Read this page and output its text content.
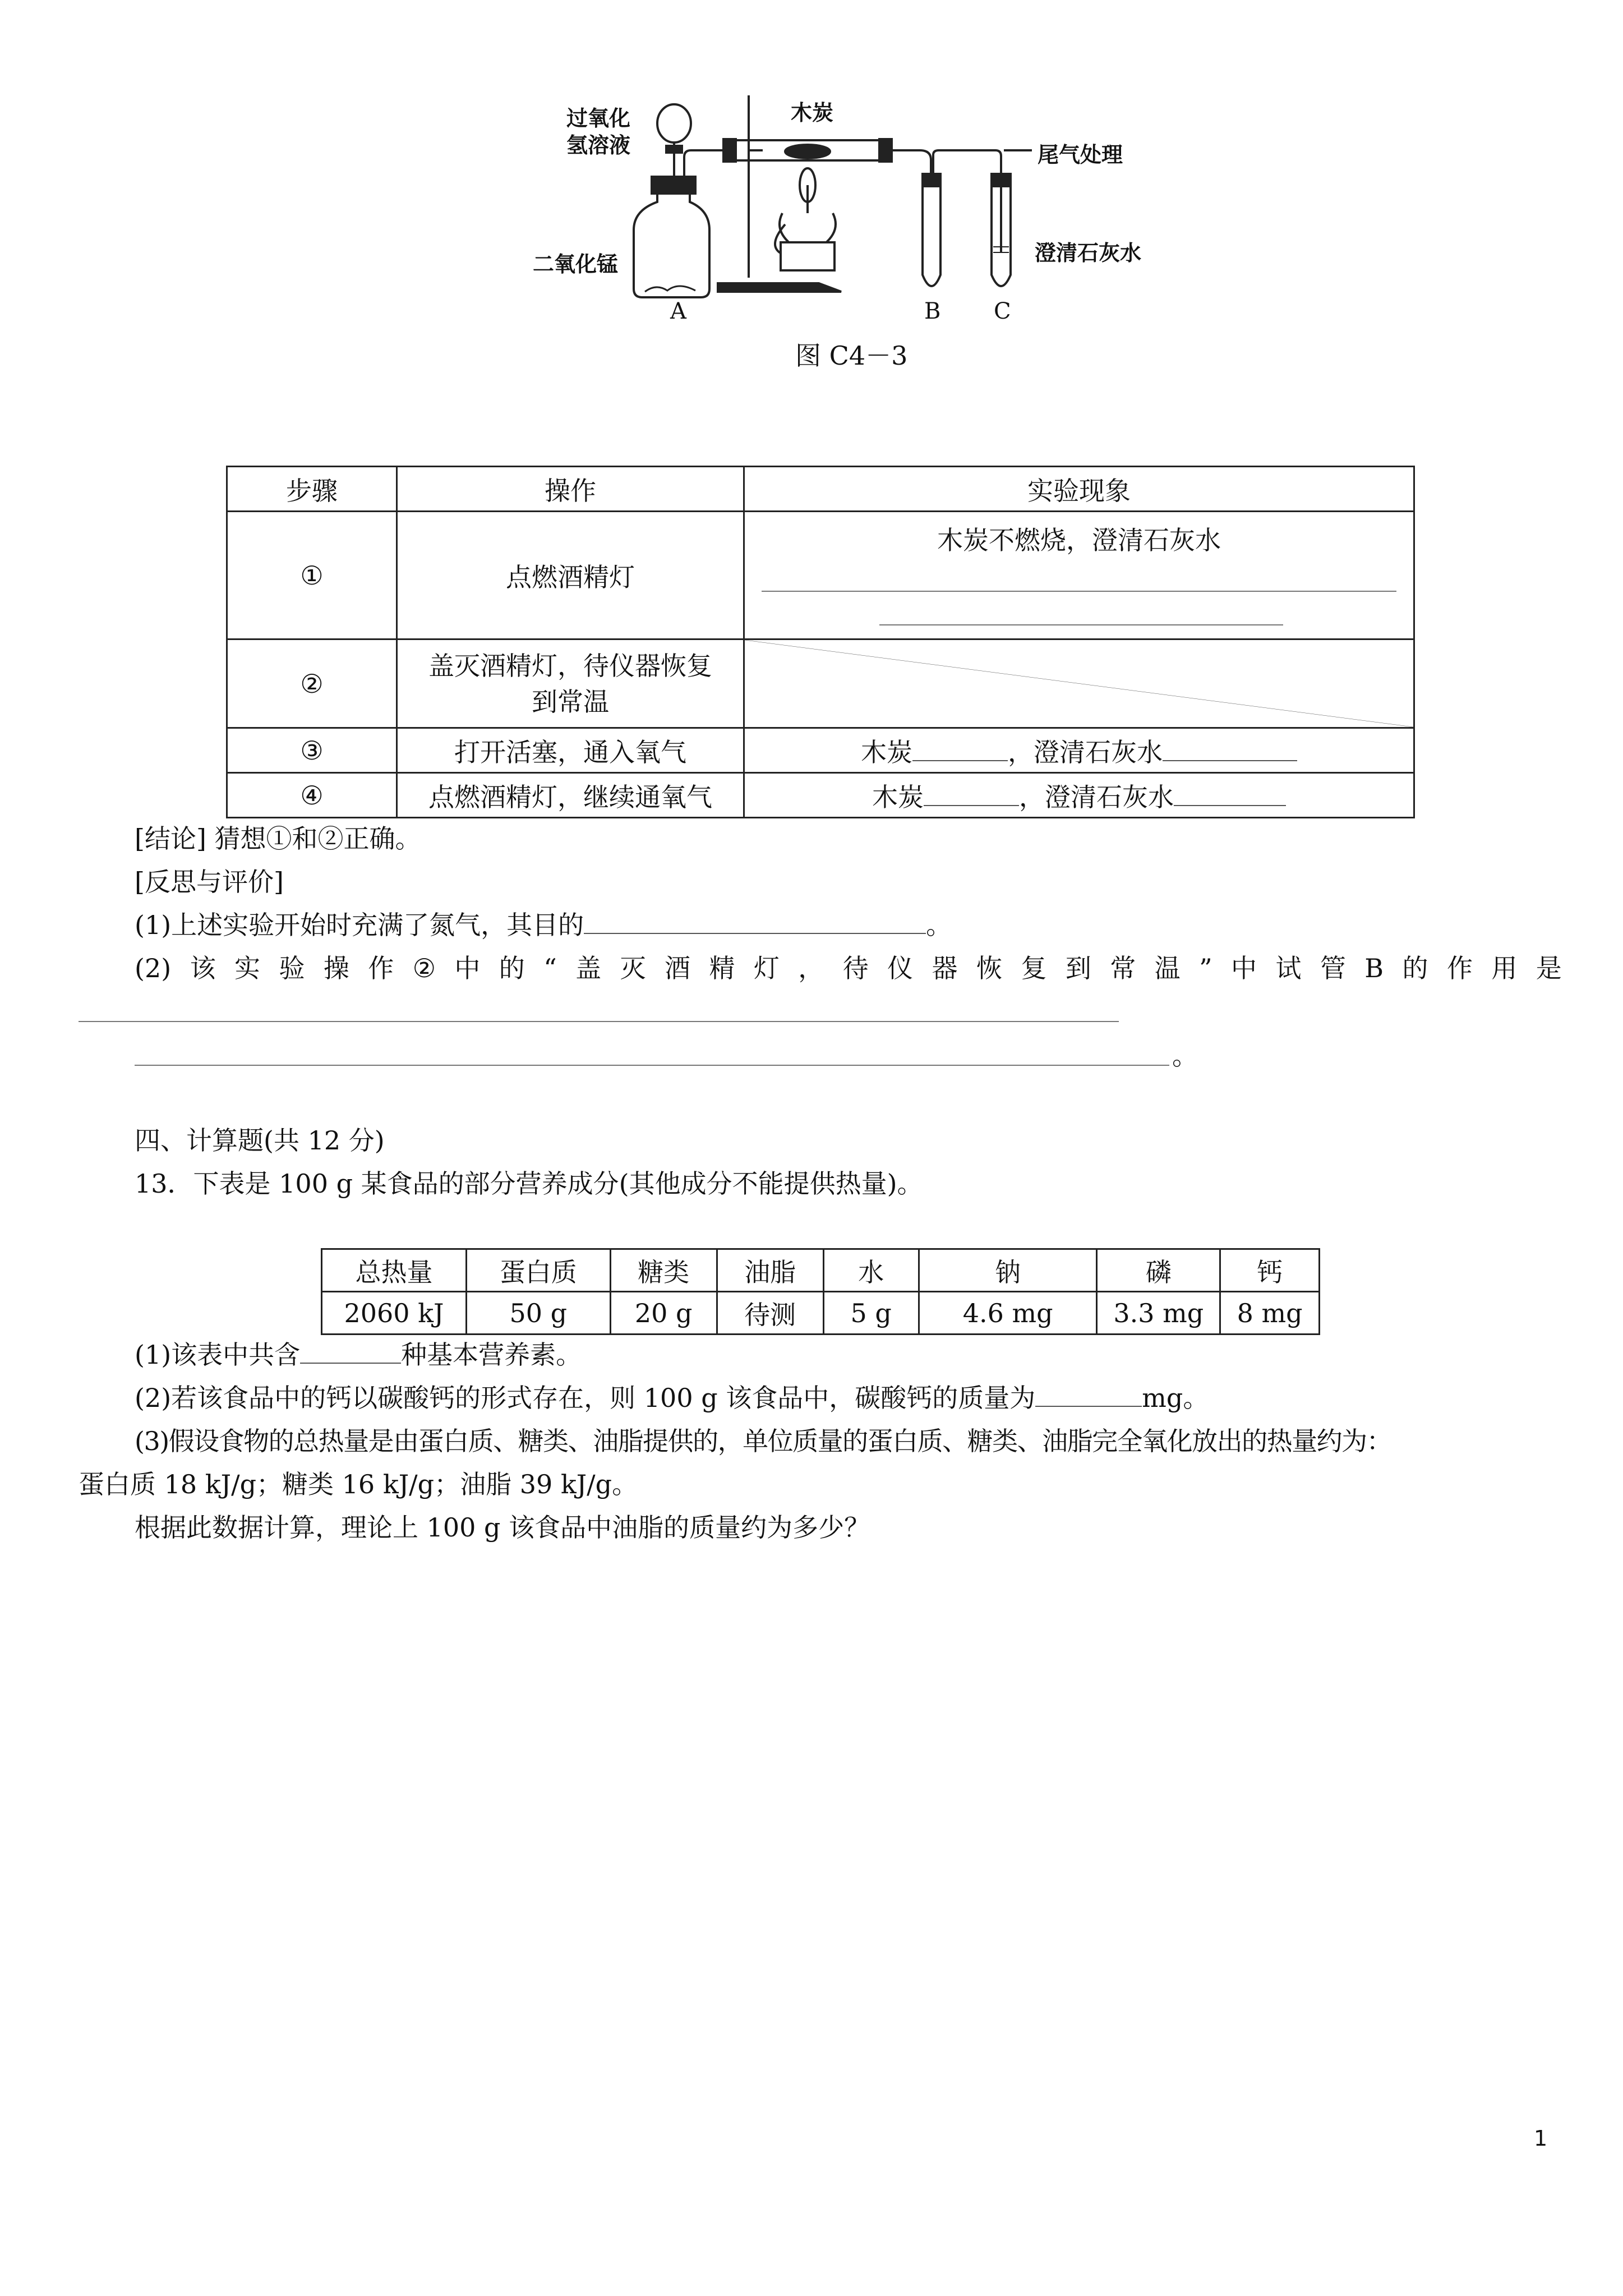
过氧化
氢溶液
二氧化锰
木炭
尾气处理
澄清石灰水
A	B C
图 C4－3
步骤	操作	实验现象
①	点燃酒精灯	木炭不燃烧，澄清石灰水

②	盖灭酒精灯，待仪器恢复
到常温

③	打开活塞，通入氧气	木炭 ，澄清石灰水
④	点燃酒精灯，继续通氧气	木炭 ，澄清石灰水
[结论] 猜想①和②正确。
[反思与评价]
(1)上述实验开始时充满了氮气，其目的	。
(2) 该 实 验 操 作 ② 中 的 “ 盖 灭 酒 精 灯 ， 待 仪 器 恢 复 到 常 温 ” 中 试 管 B 的 作 用 是
。
四、计算题(共 12 分)
13．下表是 100 g 某食品的部分营养成分(其他成分不能提供热量)。
总热量	蛋白质	糖类	油脂	水	钠	磷	钙
2060 kJ	50 g	20 g	待测	5 g	4.6 mg	3.3 mg	8 mg
(1)该表中共含	种基本营养素。
(2)若该食品中的钙以碳酸钙的形式存在，则 100 g 该食品中，碳酸钙的质量为	mg。
(3)假设食物的总热量是由蛋白质、糖类、油脂提供的，单位质量的蛋白质、糖类、油脂完全氧化放出的热量约为：
蛋白质 18 kJ/g；糖类 16 kJ/g；油脂 39 kJ/g。
根据此数据计算，理论上 100 g 该食品中油脂的质量约为多少？
1
